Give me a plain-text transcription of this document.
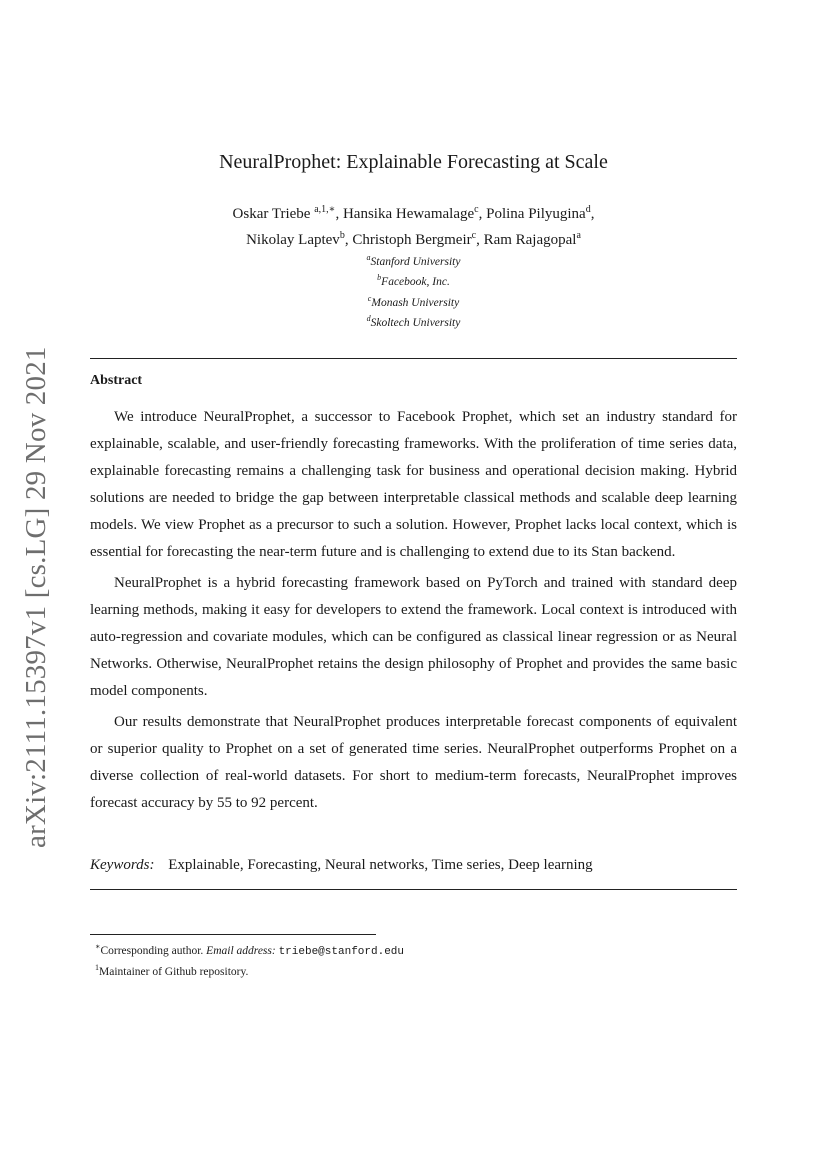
arXiv:2111.15397v1 [cs.LG] 29 Nov 2021
NeuralProphet: Explainable Forecasting at Scale
Oskar Triebe $^{a,1,∗}$, Hansika Hewamalage$^c$, Polina Pilyugina$^d$,
Nikolay Laptev$^b$, Christoph Bergmeir$^c$, Ram Rajagopal$^a$
$^a$Stanford University
$^b$Facebook, Inc.
$^c$Monash University
$^d$Skoltech University
Abstract

We introduce NeuralProphet, a successor to Facebook Prophet, which set an industry standard for explainable, scalable, and user-friendly forecasting frameworks. With the proliferation of time series data, explainable forecasting remains a challenging task for business and operational decision making. Hybrid solutions are needed to bridge the gap between interpretable classical methods and scalable deep learning models. We view Prophet as a precursor to such a solution. However, Prophet lacks local context, which is essential for forecasting the near-term future and is challenging to extend due to its Stan backend.

NeuralProphet is a hybrid forecasting framework based on PyTorch and trained with standard deep learning methods, making it easy for developers to extend the framework. Local context is introduced with auto-regression and covariate modules, which can be configured as classical linear regression or as Neural Networks. Otherwise, NeuralProphet retains the design philosophy of Prophet and provides the same basic model components.

Our results demonstrate that NeuralProphet produces interpretable forecast components of equivalent or superior quality to Prophet on a set of generated time series. NeuralProphet outperforms Prophet on a diverse collection of real-world datasets. For short to medium-term forecasts, NeuralProphet improves forecast accuracy by 55 to 92 percent.

Keywords: Explainable, Forecasting, Neural networks, Time series, Deep learning
∗Corresponding author. Email address: triebe@stanford.edu
$^1$Maintainer of Github repository.
